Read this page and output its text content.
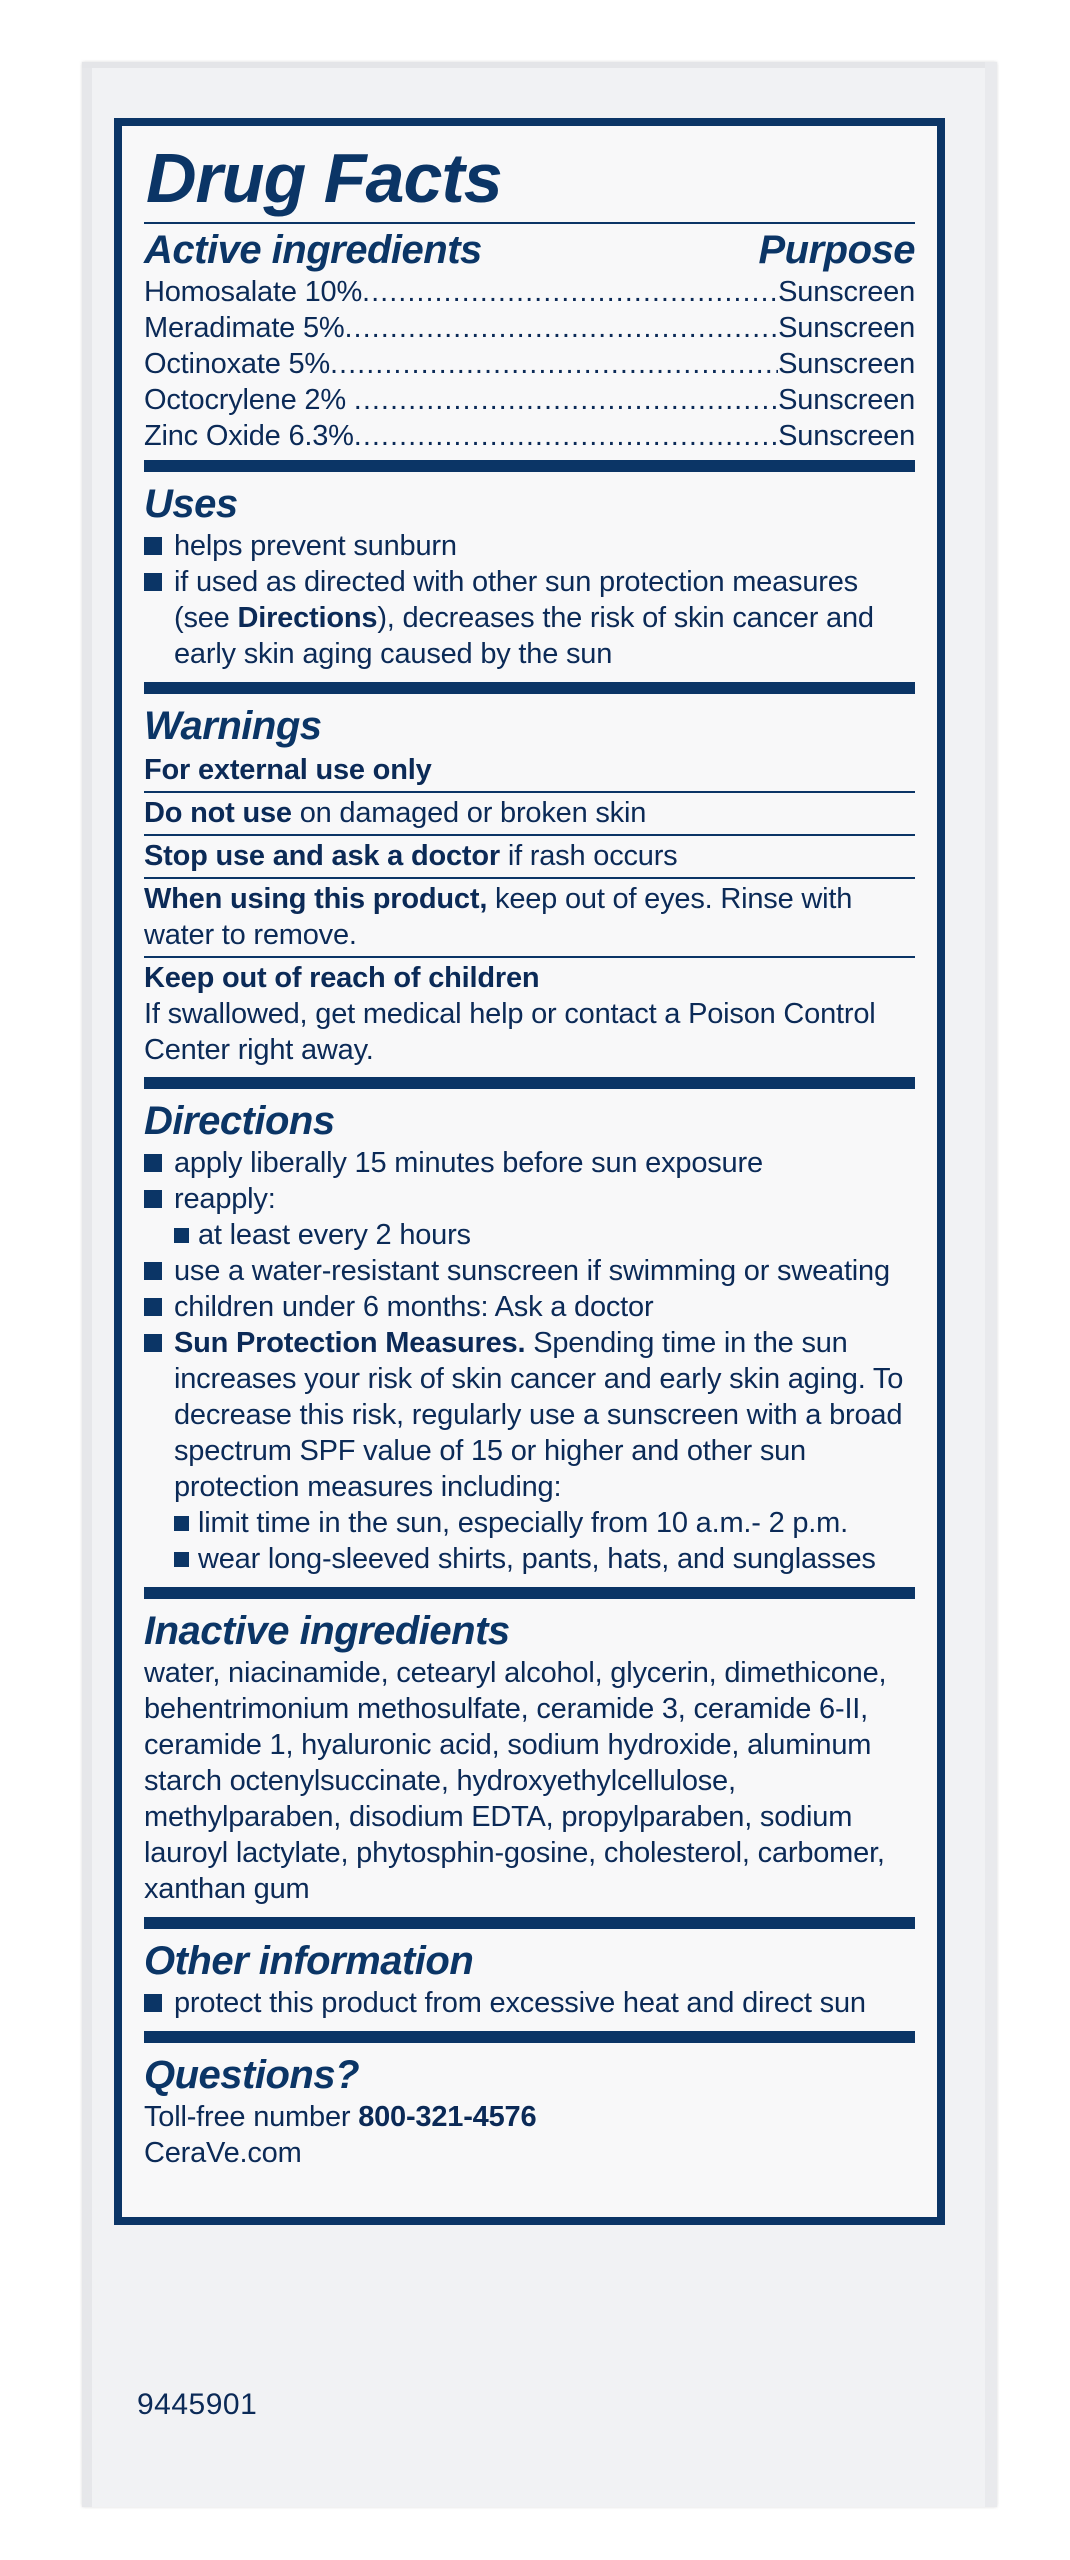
Drug Facts
Active ingredients	Purpose
Homosalate 10% .....	Sunscreen
Meradimate 5% .....	Sunscreen
Octinoxate 5% .....	Sunscreen
Octocrylene 2% .....	Sunscreen
Zinc Oxide 6.3% .....	Sunscreen
Uses
helps prevent sunburn
if used as directed with other sun protection measures (see Directions), decreases the risk of skin cancer and early skin aging caused by the sun
Warnings
For external use only
Do not use on damaged or broken skin
Stop use and ask a doctor if rash occurs
When using this product, keep out of eyes. Rinse with water to remove.
Keep out of reach of children
If swallowed, get medical help or contact a Poison Control Center right away.
Directions
apply liberally 15 minutes before sun exposure
reapply:
at least every 2 hours
use a water-resistant sunscreen if swimming or sweating
children under 6 months: Ask a doctor
Sun Protection Measures. Spending time in the sun increases your risk of skin cancer and early skin aging. To decrease this risk, regularly use a sunscreen with a broad spectrum SPF value of 15 or higher and other sun protection measures including:
limit time in the sun, especially from 10 a.m.- 2 p.m.
wear long-sleeved shirts, pants, hats, and sunglasses
Inactive ingredients
water, niacinamide, cetearyl alcohol, glycerin, dimethicone, behentrimonium methosulfate, ceramide 3, ceramide 6-II, ceramide 1, hyaluronic acid, sodium hydroxide, aluminum starch octenylsuccinate, hydroxyethylcellulose, methylparaben, disodium EDTA, propylparaben, sodium lauroyl lactylate, phytosphin-gosine, cholesterol, carbomer, xanthan gum
Other information
protect this product from excessive heat and direct sun
Questions?
Toll-free number 800-321-4576
CeraVe.com
9445901
